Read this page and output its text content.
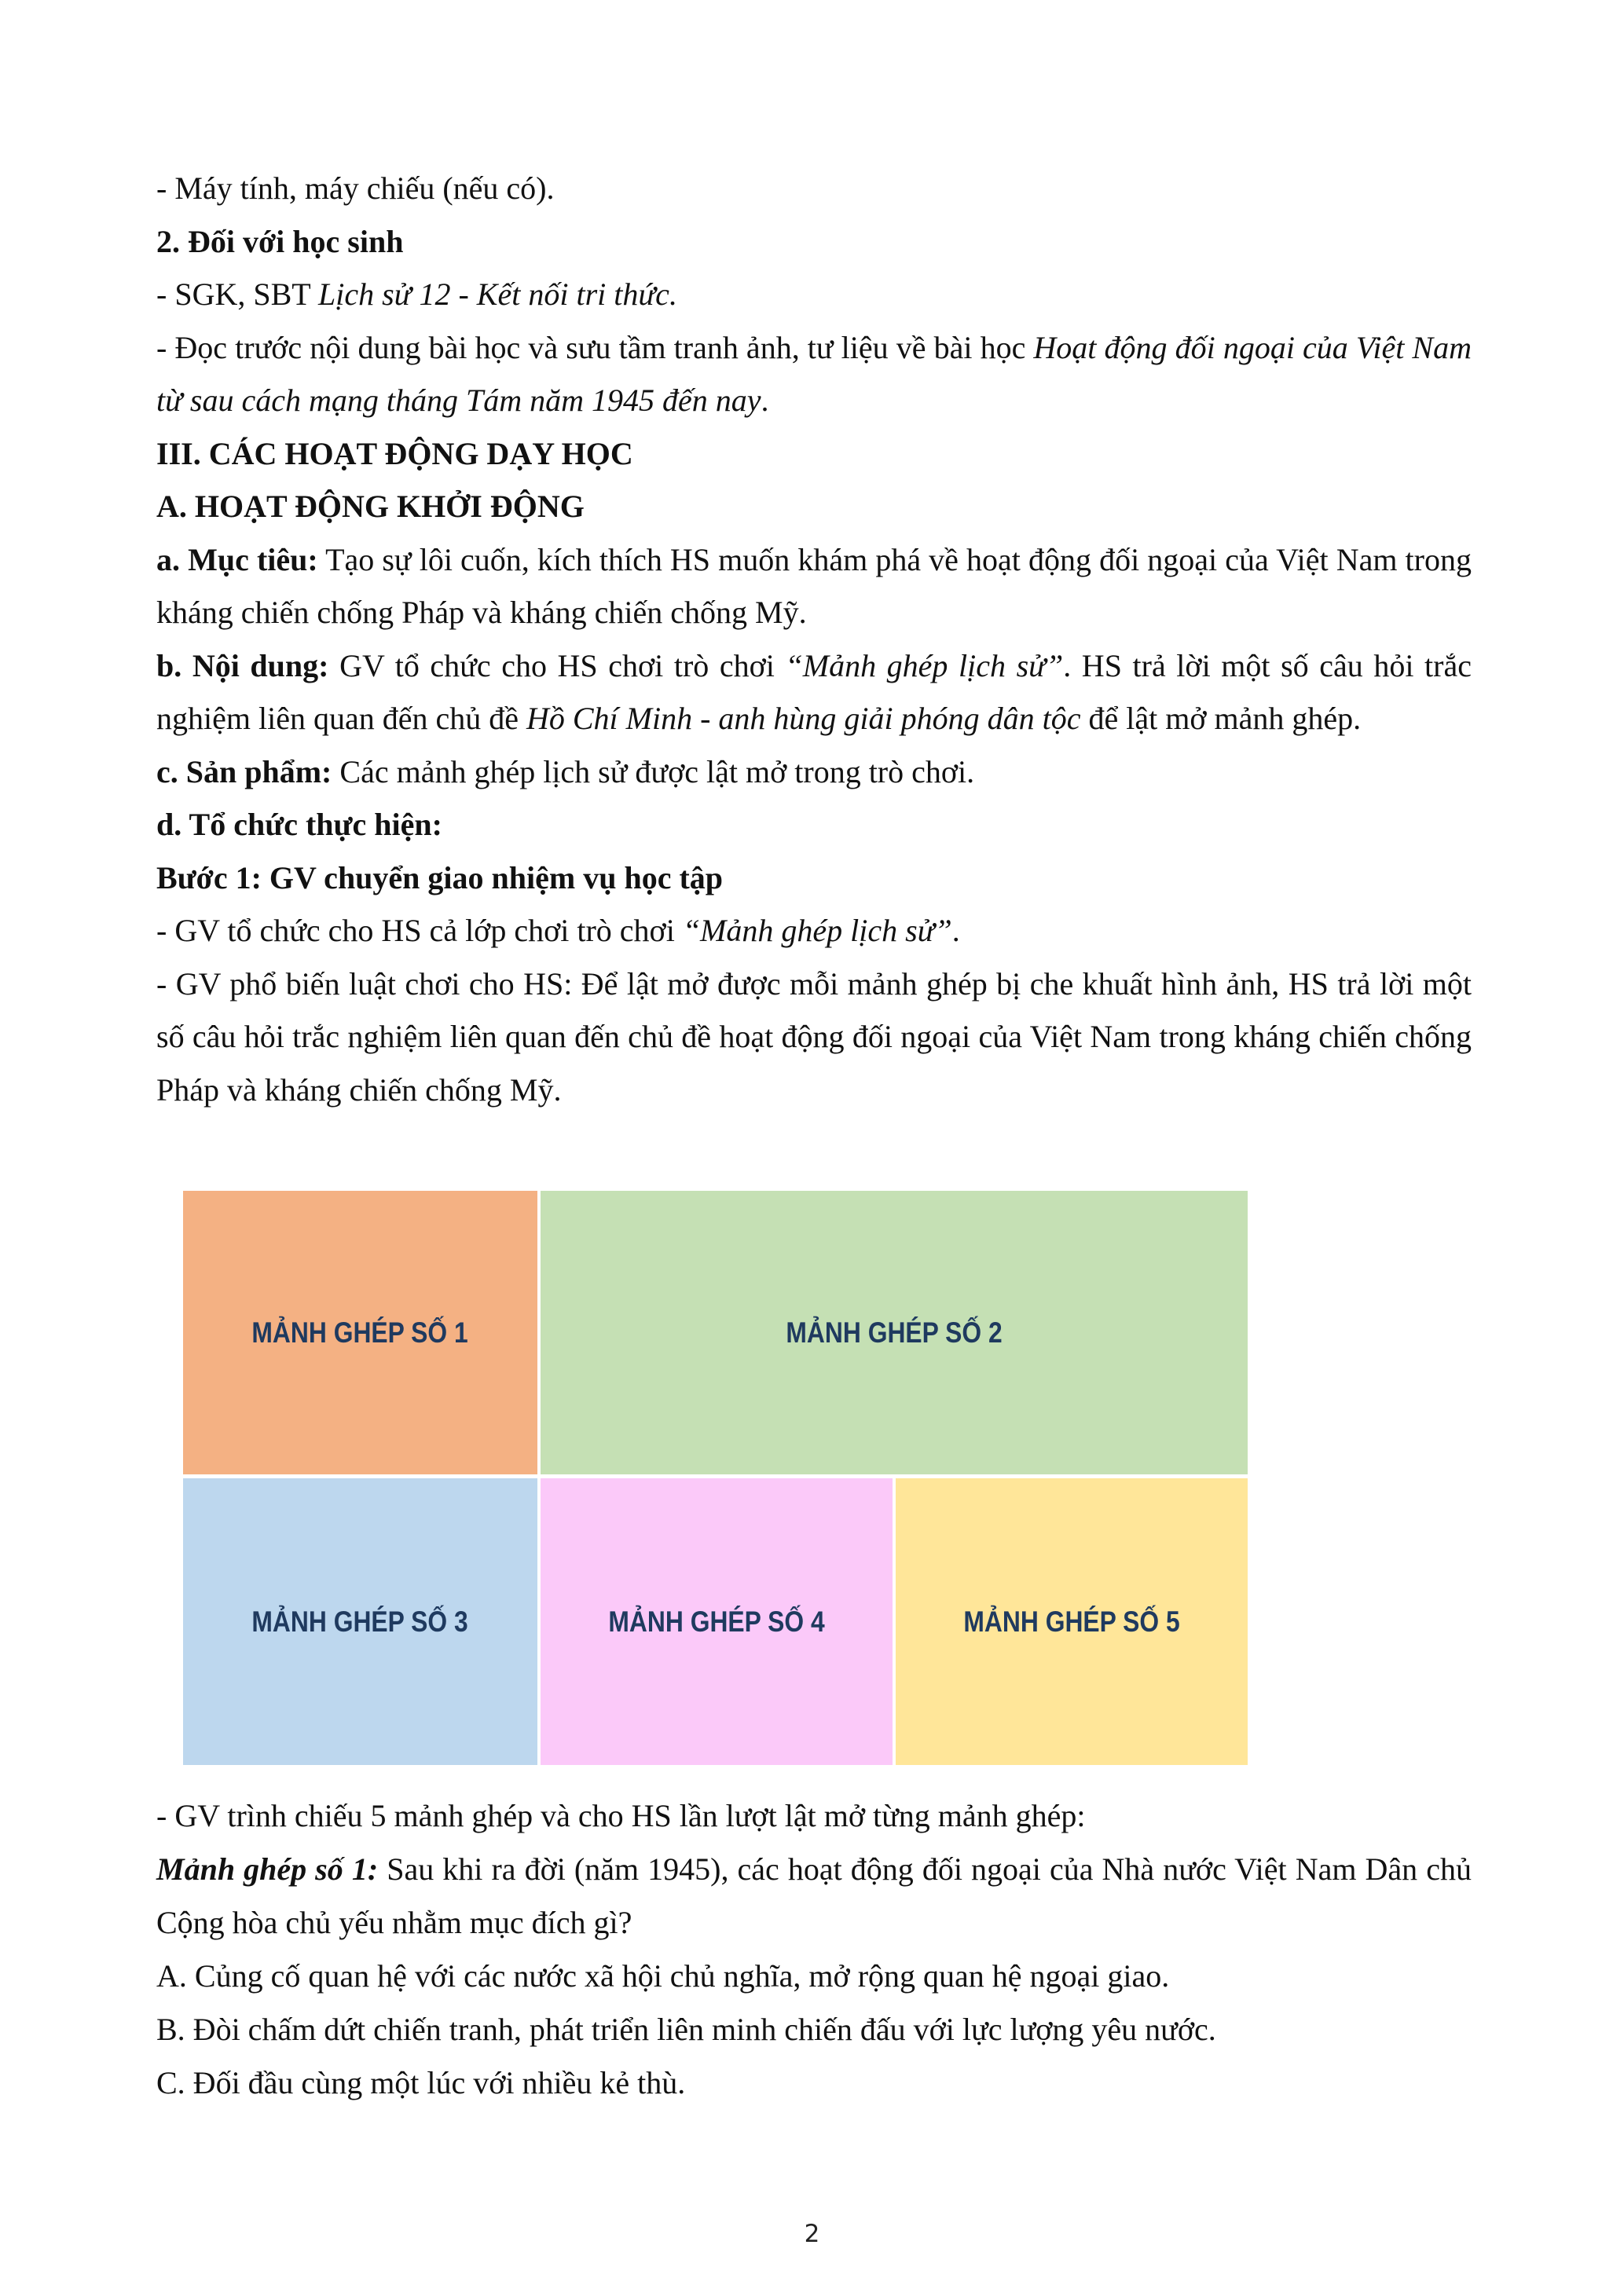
- Máy tính, máy chiếu (nếu có).

2. Đối với học sinh

- SGK, SBT Lịch sử 12 - Kết nối tri thức.

- Đọc trước nội dung bài học và sưu tầm tranh ảnh, tư liệu về bài học Hoạt động đối ngoại của Việt Nam từ sau cách mạng tháng Tám năm 1945 đến nay.

III. CÁC HOẠT ĐỘNG DẠY HỌC

A. HOẠT ĐỘNG KHỞI ĐỘNG

a. Mục tiêu: Tạo sự lôi cuốn, kích thích HS muốn khám phá về hoạt động đối ngoại của Việt Nam trong kháng chiến chống Pháp và kháng chiến chống Mỹ.

b. Nội dung: GV tổ chức cho HS chơi trò chơi “Mảnh ghép lịch sử”. HS trả lời một số câu hỏi trắc nghiệm liên quan đến chủ đề Hồ Chí Minh - anh hùng giải phóng dân tộc để lật mở mảnh ghép.

c. Sản phẩm: Các mảnh ghép lịch sử được lật mở trong trò chơi.

d. Tổ chức thực hiện:

Bước 1: GV chuyển giao nhiệm vụ học tập

- GV tổ chức cho HS cả lớp chơi trò chơi “Mảnh ghép lịch sử”.

- GV phổ biến luật chơi cho HS: Để lật mở được mỗi mảnh ghép bị che khuất hình ảnh, HS trả lời một số câu hỏi trắc nghiệm liên quan đến chủ đề hoạt động đối ngoại của Việt Nam trong kháng chiến chống Pháp và kháng chiến chống Mỹ.

MẢNH GHÉP SỐ 1	MẢNH GHÉP SỐ 2
MẢNH GHÉP SỐ 3	MẢNH GHÉP SỐ 4	MẢNH GHÉP SỐ 5

- GV trình chiếu 5 mảnh ghép và cho HS lần lượt lật mở từng mảnh ghép:

Mảnh ghép số 1: Sau khi ra đời (năm 1945), các hoạt động đối ngoại của Nhà nước Việt Nam Dân chủ Cộng hòa chủ yếu nhằm mục đích gì?

A. Củng cố quan hệ với các nước xã hội chủ nghĩa, mở rộng quan hệ ngoại giao.

B. Đòi chấm dứt chiến tranh, phát triển liên minh chiến đấu với lực lượng yêu nước.

C. Đối đầu cùng một lúc với nhiều kẻ thù.

2
